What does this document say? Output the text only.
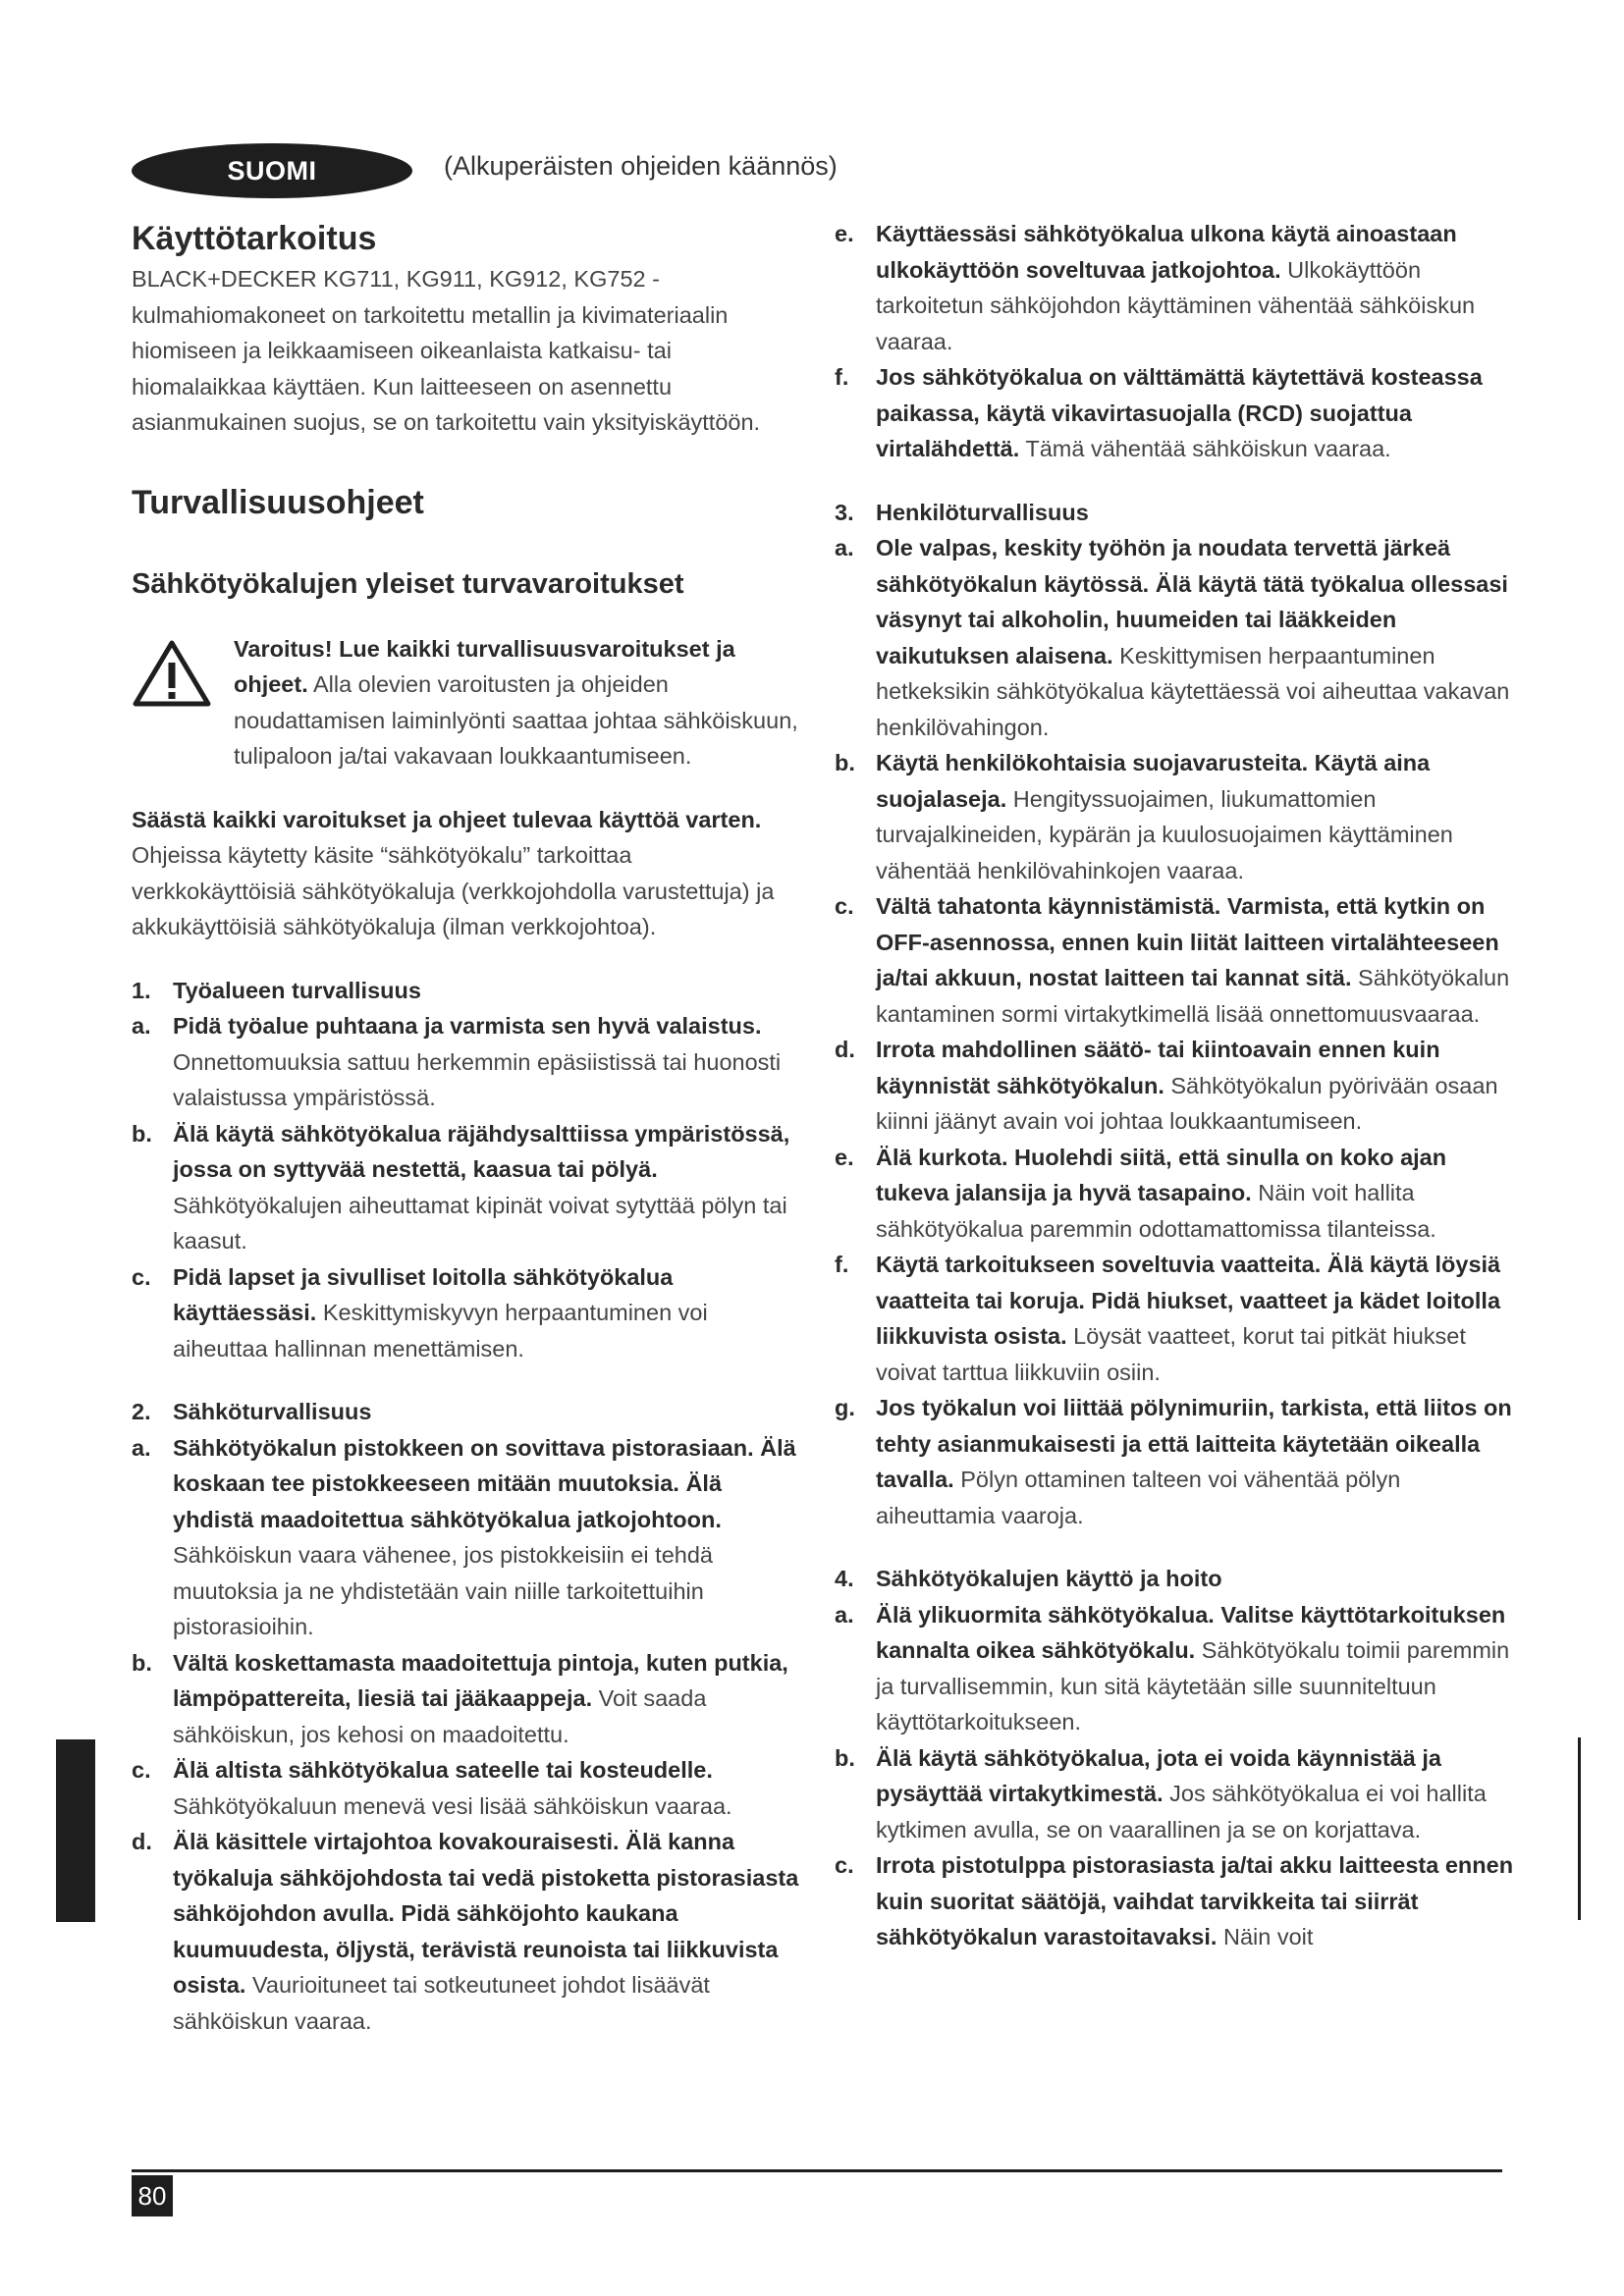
SUOMI	(Alkuperäisten ohjeiden käännös)
Käyttötarkoitus

BLACK+DECKER KG711, KG911, KG912, KG752 -kulmahiomakoneet on tarkoitettu metallin ja kivimateriaalin hiomiseen ja leikkaamiseen oikeanlaista katkaisu- tai hiomalaikkaa käyttäen. Kun laitteeseen on asennettu asianmukainen suojus, se on tarkoitettu vain yksityiskäyttöön.

Turvallisuusohjeet
Sähkötyökalujen yleiset turvavaroitukset

Varoitus! Lue kaikki turvallisuusvaroitukset ja ohjeet. Alla olevien varoitusten ja ohjeiden noudattamisen laiminlyönti saattaa johtaa sähköiskuun, tulipaloon ja/tai vakavaan loukkaantumiseen.

Säästä kaikki varoitukset ja ohjeet tulevaa käyttöä varten.

Ohjeissa käytetty käsite “sähkötyökalu” tarkoittaa verkkokäyttöisiä sähkötyökaluja (verkkojohdolla varustettuja) ja akkukäyttöisiä sähkötyökaluja (ilman verkkojohtoa).

1. Työalueen turvallisuus
a. Pidä työalue puhtaana ja varmista sen hyvä valaistus. Onnettomuuksia sattuu herkemmin epäsiistissä tai huonosti valaistussa ympäristössä.
b. Älä käytä sähkötyökalua räjähdysalttiissa ympäristössä, jossa on syttyvää nestettä, kaasua tai pölyä. Sähkötyökalujen aiheuttamat kipinät voivat sytyttää pölyn tai kaasut.
c. Pidä lapset ja sivulliset loitolla sähkötyökalua käyttäessäsi. Keskittymiskyvyn herpaantuminen voi aiheuttaa hallinnan menettämisen.
2. Sähköturvallisuus
a. Sähkötyökalun pistokkeen on sovittava pistorasiaan. Älä koskaan tee pistokkeeseen mitään muutoksia. Älä yhdistä maadoitettua sähkötyökalua jatkojohtoon. Sähköiskun vaara vähenee, jos pistokkeisiin ei tehdä muutoksia ja ne yhdistetään vain niille tarkoitettuihin pistorasioihin.
b. Vältä koskettamasta maadoitettuja pintoja, kuten putkia, lämpöpattereita, liesiä tai jääkaappeja. Voit saada sähköiskun, jos kehosi on maadoitettu.
c. Älä altista sähkötyökalua sateelle tai kosteudelle. Sähkötyökaluun menevä vesi lisää sähköiskun vaaraa.
d. Älä käsittele virtajohtoa kovakouraisesti. Älä kanna työkaluja sähköjohdosta tai vedä pistoketta pistorasiasta sähköjohdon avulla. Pidä sähköjohto kaukana kuumuudesta, öljystä, terävistä reunoista tai liikkuvista osista. Vaurioituneet tai sotkeutuneet johdot lisäävät sähköiskun vaaraa.
e. Käyttäessäsi sähkötyökalua ulkona käytä ainoastaan ulkokäyttöön soveltuvaa jatkojohtoa. Ulkokäyttöön tarkoitetun sähköjohdon käyttäminen vähentää sähköiskun vaaraa.
f.	Jos sähkötyökalua on välttämättä käytettävä kosteassa paikassa, käytä vikavirtasuojalla (RCD) suojattua virtalähdettä. Tämä vähentää sähköiskun vaaraa.
3. Henkilöturvallisuus
a. Ole valpas, keskity työhön ja noudata tervettä järkeä sähkötyökalun käytössä. Älä käytä tätä työkalua ollessasi väsynyt tai alkoholin, huumeiden tai lääkkeiden vaikutuksen alaisena. Keskittymisen herpaantuminen hetkeksikin sähkötyökalua käytettäessä voi aiheuttaa vakavan henkilövahingon.
b. Käytä henkilökohtaisia suojavarusteita. Käytä aina suojalaseja. Hengityssuojaimen, liukumattomien turvajalkineiden, kypärän ja kuulosuojaimen käyttäminen vähentää henkilövahinkojen vaaraa.
c. Vältä tahatonta käynnistämistä. Varmista, että kytkin on OFF-asennossa, ennen kuin liität laitteen virtalähteeseen ja/tai akkuun, nostat laitteen tai kannat sitä. Sähkötyökalun kantaminen sormi virtakytkimellä lisää onnettomuusvaaraa.
d. Irrota mahdollinen säätö- tai kiintoavain ennen kuin käynnistät sähkötyökalun. Sähkötyökalun pyörivään osaan kiinni jäänyt avain voi johtaa loukkaantumiseen.
e. Älä kurkota. Huolehdi siitä, että sinulla on koko ajan tukeva jalansija ja hyvä tasapaino. Näin voit hallita sähkötyökalua paremmin odottamattomissa tilanteissa.
f.	Käytä tarkoitukseen soveltuvia vaatteita. Älä käytä löysiä vaatteita tai koruja. Pidä hiukset, vaatteet ja kädet loitolla liikkuvista osista. Löysät vaatteet, korut tai pitkät hiukset voivat tarttua liikkuviin osiin.
g. Jos työkalun voi liittää pölynimuriin, tarkista, että liitos on tehty asianmukaisesti ja että laitteita käytetään oikealla tavalla. Pölyn ottaminen talteen voi vähentää pölyn aiheuttamia vaaroja.
4. Sähkötyökalujen käyttö ja hoito
a. Älä ylikuormita sähkötyökalua. Valitse käyttötarkoituksen kannalta oikea sähkötyökalu. Sähkötyökalu toimii paremmin ja turvallisemmin, kun sitä käytetään sille suunniteltuun käyttötarkoitukseen.
b. Älä käytä sähkötyökalua, jota ei voida käynnistää ja pysäyttää virtakytkimestä. Jos sähkötyökalua ei voi hallita kytkimen avulla, se on vaarallinen ja se on korjattava.
c. Irrota pistotulppa pistorasiasta ja/tai akku laitteesta ennen kuin suoritat säätöjä, vaihdat tarvikkeita tai siirrät sähkötyökalun varastoitavaksi. Näin voit
80
